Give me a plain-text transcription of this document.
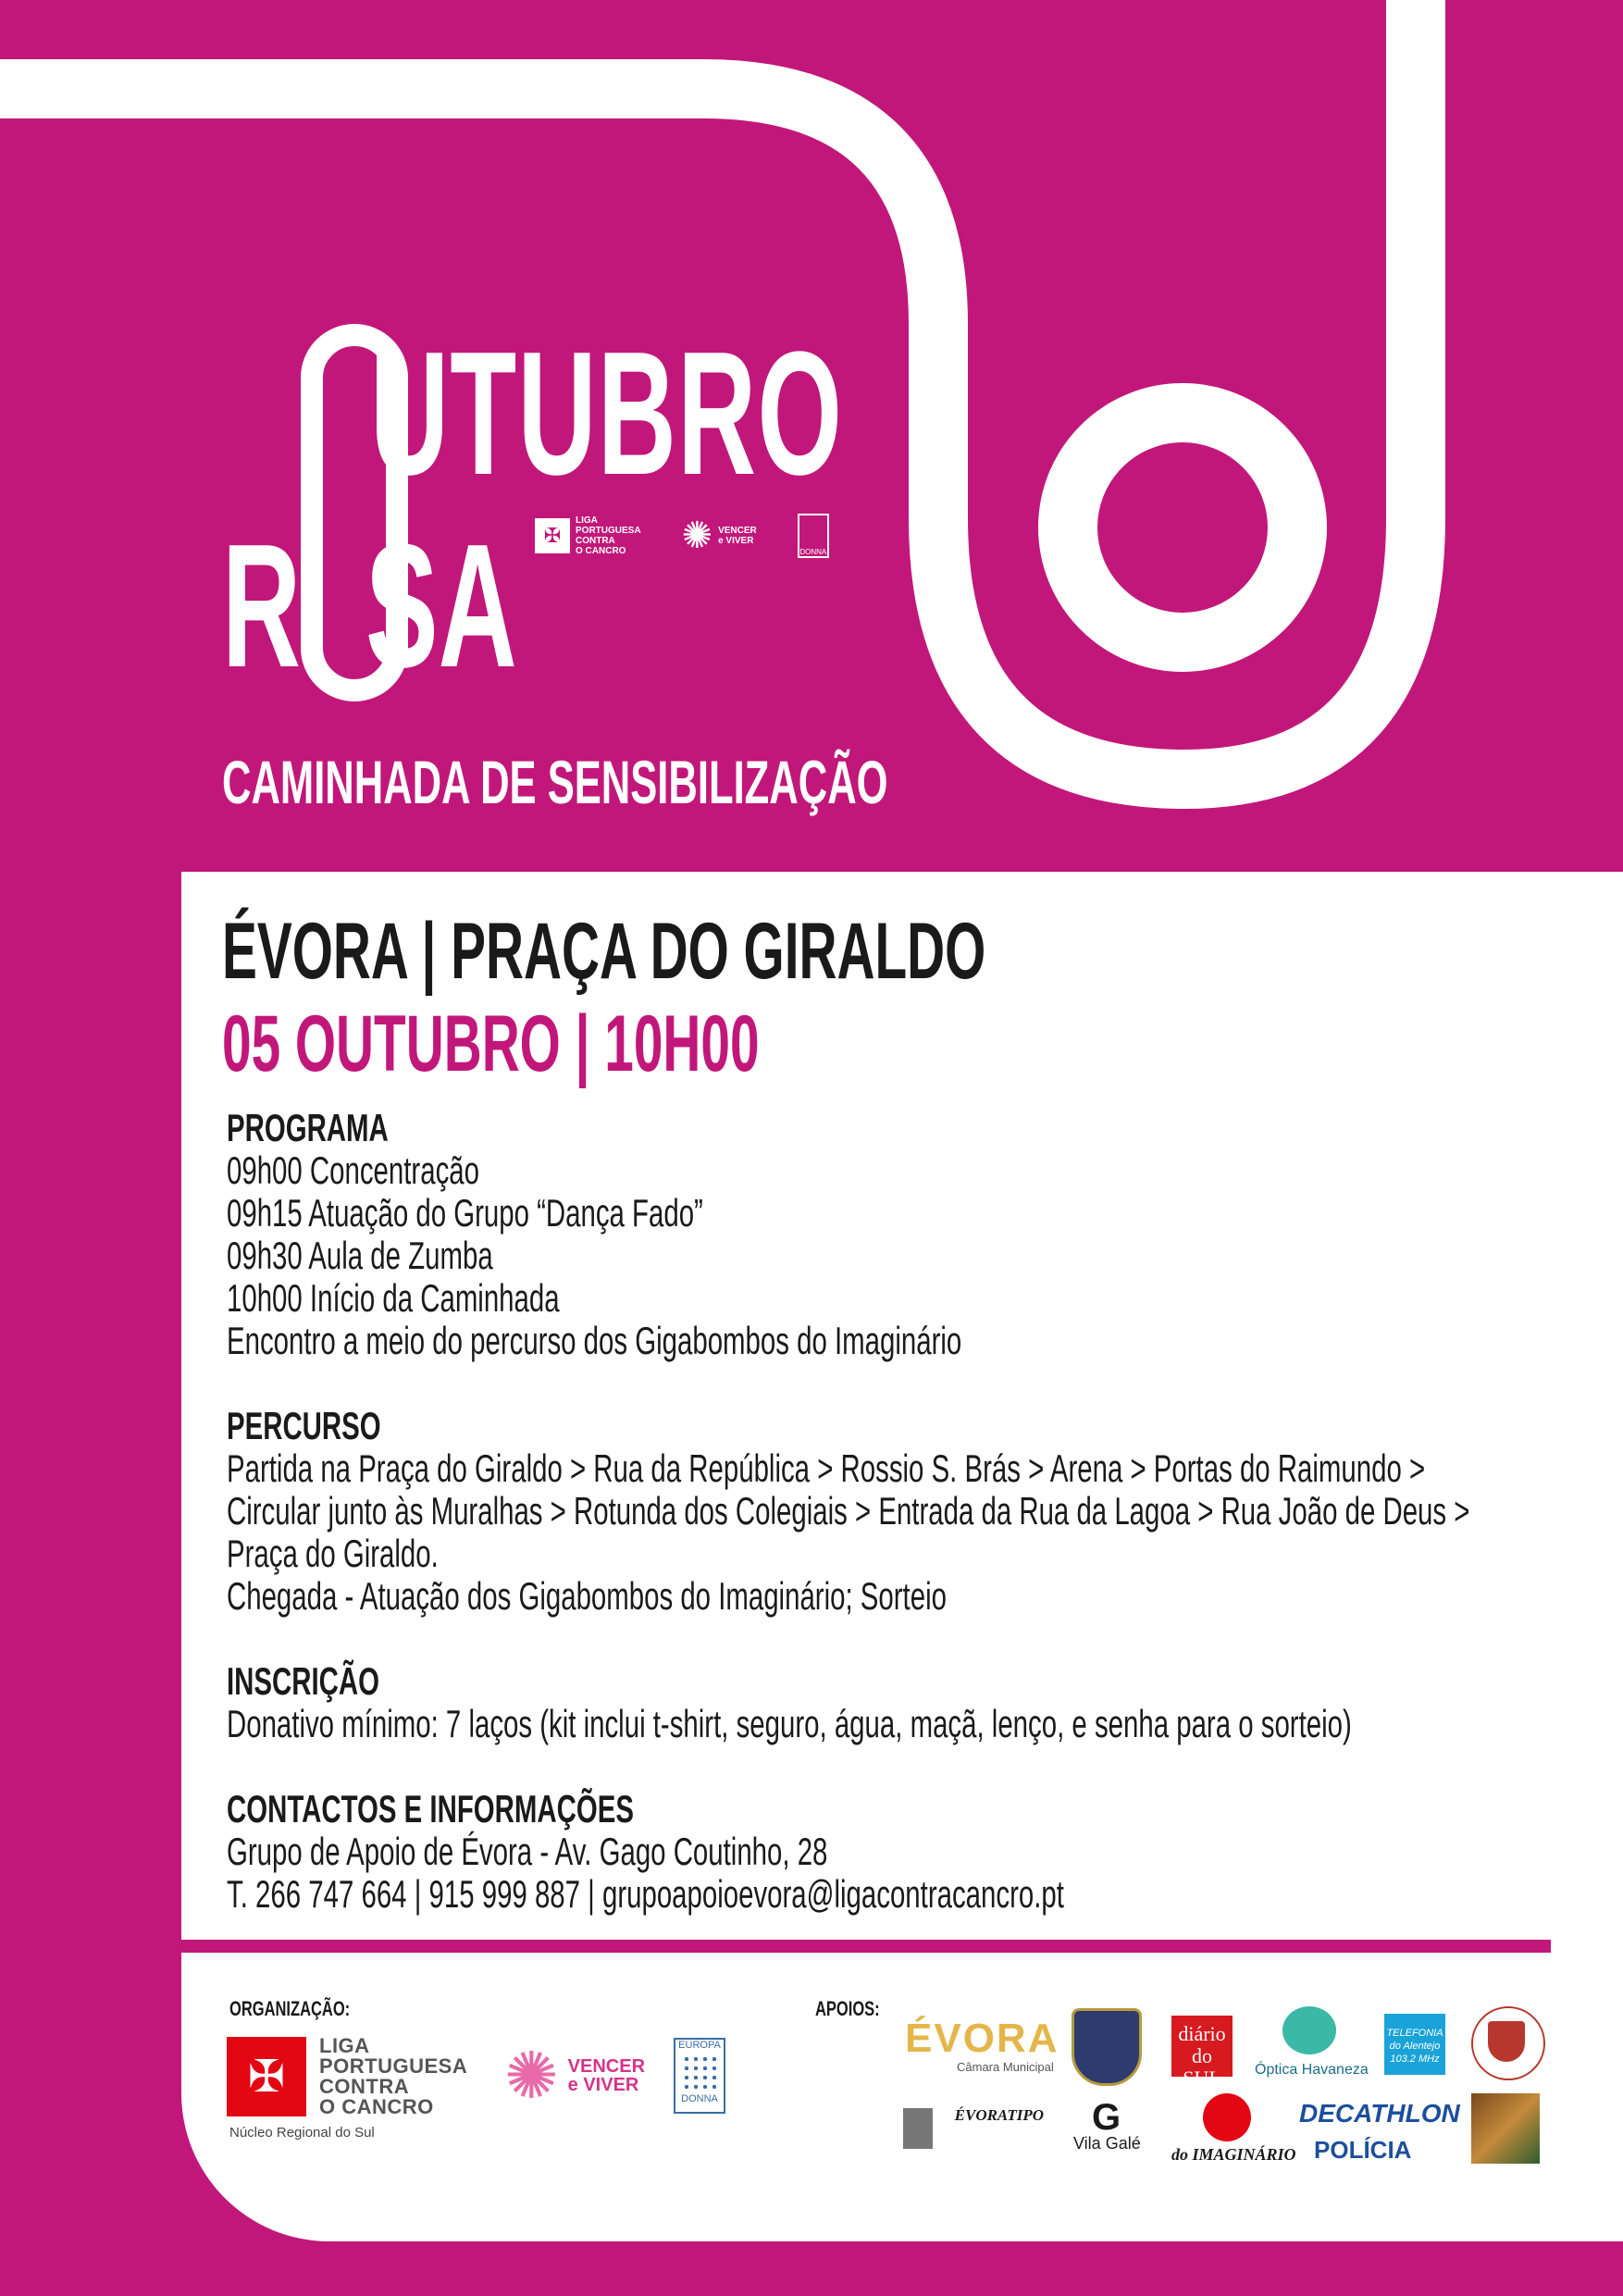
UTUBRO
R SA	✠
LIGA
PORTUGUESA
CONTRA
O CANCRO	✺ VENCER
e VIVER
DONNA
CAMINHADA DE SENSIBILIZAÇÃO
ÉVORA | PRAÇA DO GIRALDO
05 OUTUBRO | 10H00
PROGRAMA
09h00 Concentração
09h15 Atuação do Grupo “Dança Fado”
09h30 Aula de Zumba
10h00 Início da Caminhada
Encontro a meio do percurso dos Gigabombos do Imaginário
PERCURSO
Partida na Praça do Giraldo > Rua da República > Rossio S. Brás > Arena > Portas do Raimundo >
Circular junto às Muralhas > Rotunda dos Colegiais > Entrada da Rua da Lagoa > Rua João de Deus >
Praça do Giraldo.
Chegada - Atuação dos Gigabombos do Imaginário; Sorteio
INSCRIÇÃO
Donativo mínimo: 7 laços (kit inclui t-shirt, seguro, água, maçã, lenço, e senha para o sorteio)
CONTACTOS E INFORMAÇÕES
Grupo de Apoio de Évora - Av. Gago Coutinho, 28
T. 266 747 664 | 915 999 887 | grupoapoioevora@ligacontracancro.pt
ORGANIZAÇÃO:	APOIOS:
✠
LIGA
PORTUGUESA
CONTRA
O CANCRO
Núcleo Regional do Sul
✺ VENCER
e VIVER
EUROPA
DONNA
ÉVORA
Câmara Municipal
diário do SUL	Óptica Havaneza
TELEFONIA do Alentejo 103.2 MHz
ÉVORATIPO G
Vila Galé
do IMAGINÁRIO
DECATHLON
POLÍCIA
